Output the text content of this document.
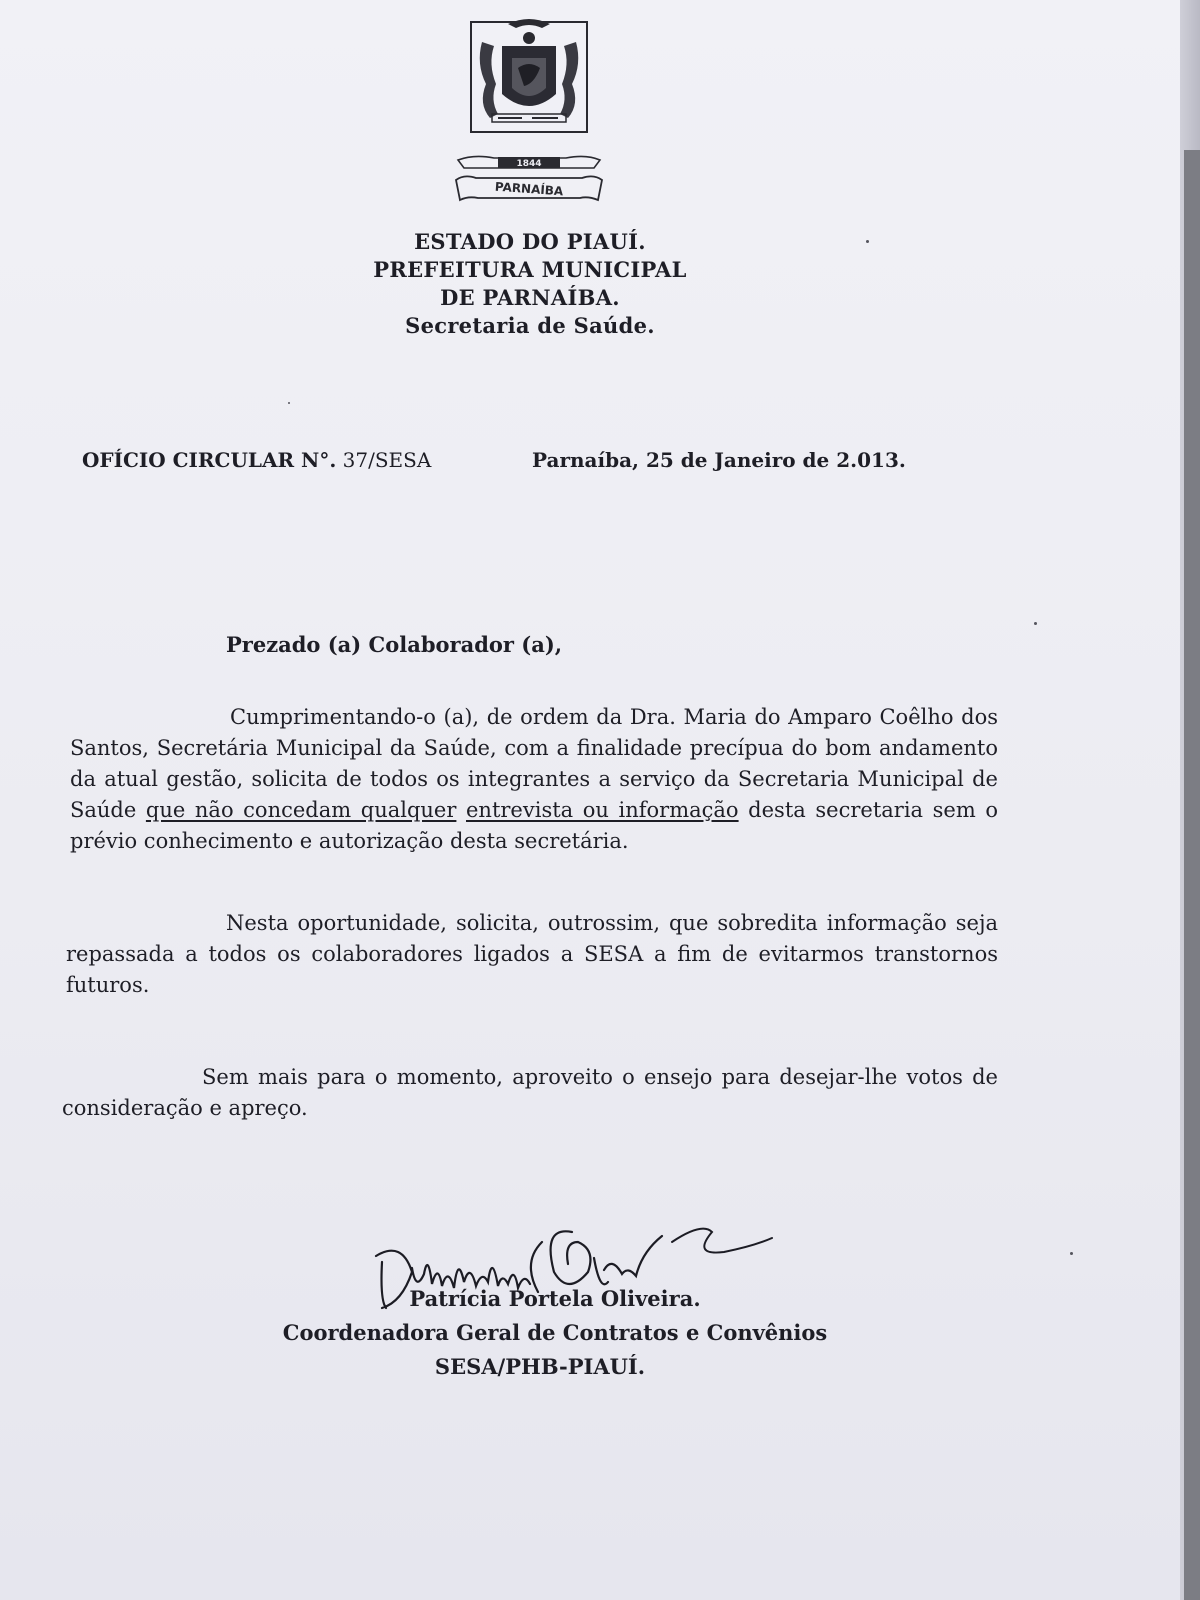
1844
PARNAÍBA
ESTADO DO PIAUÍ.
PREFEITURA MUNICIPAL
DE PARNAÍBA.
Secretaria de Saúde.
OFÍCIO CIRCULAR N°. 37/SESA	Parnaíba, 25 de Janeiro de 2.013.
Prezado (a) Colaborador (a),
Cumprimentando-o (a), de ordem da Dra. Maria do Amparo Coêlho dos Santos, Secretária Municipal da Saúde, com a finalidade precípua do bom andamento da atual gestão, solicita de todos os integrantes a serviço da Secretaria Municipal de Saúde que não concedam qualquer entrevista ou informação desta secretaria sem o prévio conhecimento e autorização desta secretária.
Nesta oportunidade, solicita, outrossim, que sobredita informação seja repassada a todos os colaboradores ligados a SESA a fim de evitarmos transtornos futuros.
Sem mais para o momento, aproveito o ensejo para desejar-lhe votos de consideração e apreço.
Patrícia Portela Oliveira.
Coordenadora Geral de Contratos e Convênios
SESA/PHB-PIAUÍ.
